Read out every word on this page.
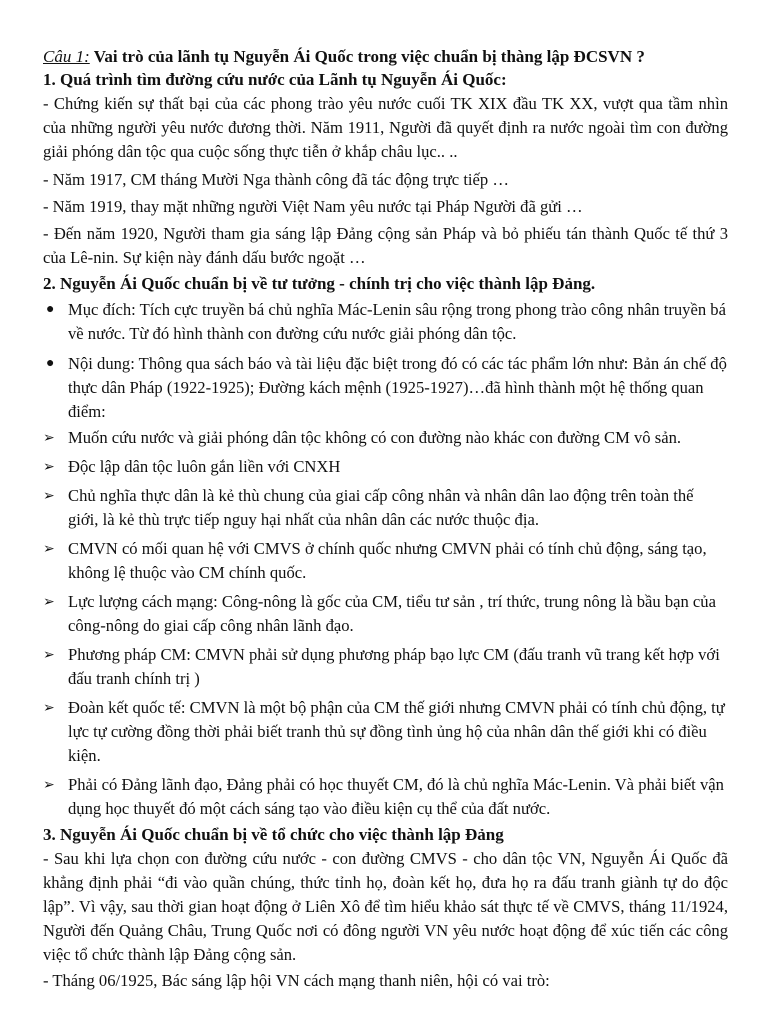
Câu 1: Vai trò của lãnh tụ Nguyễn Ái Quốc trong việc chuẩn bị thàng lập ĐCSVN ?

1. Quá trình tìm đường cứu nước của Lãnh tụ Nguyễn Ái Quốc:

- Chứng kiến sự thất bại của các phong trào yêu nước cuối TK XIX đầu TK XX, vượt qua tầm nhìn của những người yêu nước đương thời. Năm 1911, Người đã quyết định ra nước ngoài tìm con đường giải phóng dân tộc qua cuộc sống thực tiễn ở khắp châu lục.. ..

- Năm 1917, CM tháng Mười Nga thành công đã tác động trực tiếp …

- Năm 1919, thay mặt những người Việt Nam yêu nước tại Pháp Người đã gửi …

- Đến năm 1920, Người tham gia sáng lập Đảng cộng sản Pháp và bỏ phiếu tán thành Quốc tế thứ 3 của Lê-nin. Sự kiện này đánh dấu bước ngoặt …

2. Nguyễn Ái Quốc chuẩn bị về tư tưởng - chính trị cho việc thành lập Đảng.

● Mục đích: Tích cực truyền bá chủ nghĩa Mác-Lenin sâu rộng trong phong trào công nhân truyền bá về nước. Từ đó hình thành con đường cứu nước giải phóng dân tộc.
● Nội dung: Thông qua sách báo và tài liệu đặc biệt trong đó có các tác phẩm lớn như: Bản án chế độ thực dân Pháp (1922-1925); Đường kách mệnh (1925-1927)…đã hình thành một hệ thống quan điểm:
➢ Muốn cứu nước và giải phóng dân tộc không có con đường nào khác con đường CM vô sản.
➢ Độc lập dân tộc luôn gắn liền với CNXH
➢ Chủ nghĩa thực dân là kẻ thù chung của giai cấp công nhân và nhân dân lao động trên toàn thế giới, là kẻ thù trực tiếp nguy hại nhất của nhân dân các nước thuộc địa.
➢ CMVN có mối quan hệ với CMVS ở chính quốc nhưng CMVN phải có tính chủ động, sáng tạo, không lệ thuộc vào CM chính quốc.
➢ Lực lượng cách mạng: Công-nông là gốc của CM, tiểu tư sản , trí thức, trung nông là bầu bạn của công-nông do giai cấp công nhân lãnh đạo.
➢ Phương pháp CM: CMVN phải sử dụng phương pháp bạo lực CM (đấu tranh vũ trang kết hợp với đấu tranh chính trị )
➢ Đoàn kết quốc tế: CMVN là một bộ phận của CM thế giới nhưng CMVN phải có tính chủ động, tự lực tự cường đồng thời phải biết tranh thủ sự đồng tình ủng hộ của nhân dân thế giới khi có điều kiện.
➢ Phải có Đảng lãnh đạo, Đảng phải có học thuyết CM, đó là chủ nghĩa Mác-Lenin. Và phải biết vận dụng học thuyết đó một cách sáng tạo vào điều kiện cụ thể của đất nước.

3. Nguyễn Ái Quốc chuẩn bị về tổ chức cho việc thành lập Đảng

- Sau khi lựa chọn con đường cứu nước - con đường CMVS - cho dân tộc VN, Nguyễn Ái Quốc đã khẳng định phải “đi vào quần chúng, thức tỉnh họ, đoàn kết họ, đưa họ ra đấu tranh giành tự do độc lập”. Vì vậy, sau thời gian hoạt động ở Liên Xô để tìm hiểu khảo sát thực tế về CMVS, tháng 11/1924, Người đến Quảng Châu, Trung Quốc nơi có đông người VN yêu nước hoạt động để xúc tiến các công việc tổ chức thành lập Đảng cộng sản.

- Tháng 06/1925, Bác sáng lập hội VN cách mạng thanh niên, hội có vai trò:
